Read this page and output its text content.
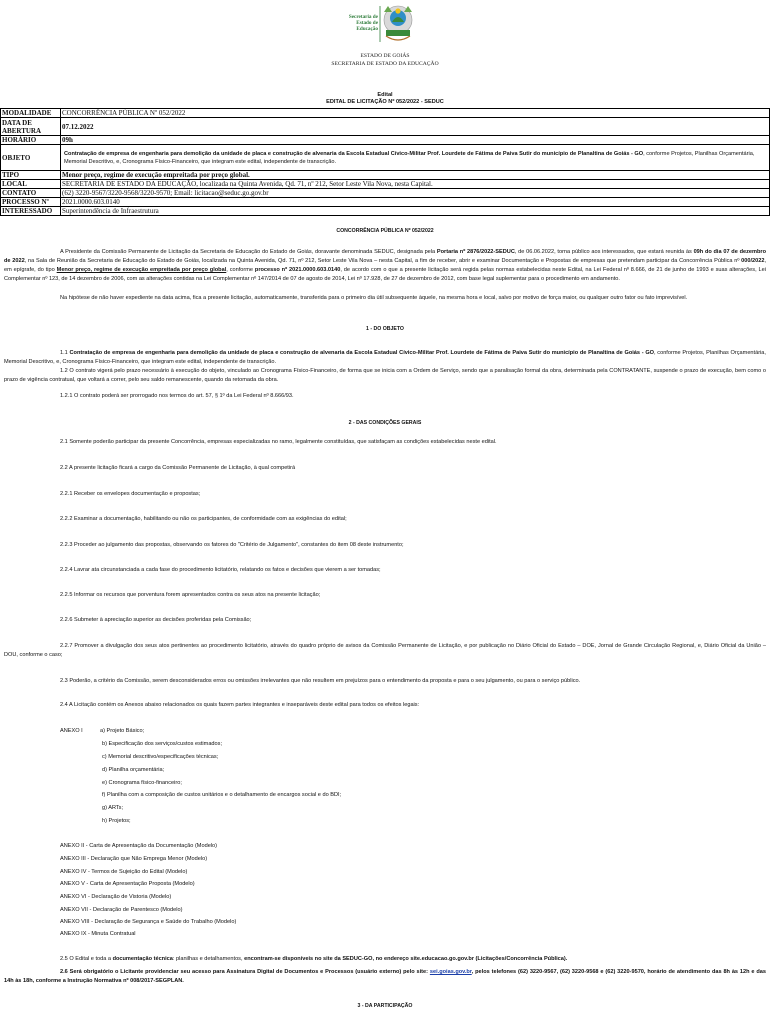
Secretaria de
Estado de
Educação
ESTADO DE GOIÁS
SECRETARIA DE ESTADO DA EDUCAÇÃO
Edital
EDITAL DE LICITAÇÃO Nº 052/2022 - SEDUC
MODALIDADE	CONCORRÊNCIA PÚBLICA Nº 052/2022
DATA DE ABERTURA	07.12.2022
HORÁRIO	09h
OBJETO	Contratação de empresa de engenharia para demolição da unidade de placa e construção de alvenaria da Escola Estadual Cívico-Militar Prof. Lourdete de Fátima de Paiva Sutir do município de Planaltina de Goiás - GO, conforme Projetos, Planilhas Orçamentária, Memorial Descritivo, e, Cronograma Físico-Financeiro, que integram este edital, independente de transcrição.
TIPO	Menor preço, regime de execução empreitada por preço global.
LOCAL	SECRETARIA DE ESTADO DA EDUCAÇÃO, localizada na Quinta Avenida, Qd. 71, nº 212, Setor Leste Vila Nova, nesta Capital.
CONTATO	(62) 3220-9567/3220-9568/3220-9570; Email: licitacao@seduc.go.gov.br
PROCESSO Nº	2021.0000.603.0140
INTERESSADO	Superintendência de Infraestrutura
CONCORRÊNCIA PÚBLICA Nº 052/2022
A Presidente da Comissão Permanente de Licitação da Secretaria de Educação do Estado de Goiás, doravante denominada SEDUC, designada pela Portaria nº 2876/2022-SEDUC, de 06.06.2022, torna público aos interessados, que estará reunida às 09h do dia 07 de dezembro de 2022, na Sala de Reunião da Secretaria de Educação do Estado de Goiás, localizada na Quinta Avenida, Qd. 71, nº 212, Setor Leste Vila Nova – nesta Capital, a fim de receber, abrir e examinar Documentação e Propostas de empresas que pretendam participar da Concorrência Pública nº 000/2022, em epígrafe, do tipo Menor preço, regime de execução empreitada por preço global, conforme processo nº 2021.0000.603.0140, de acordo com o que a presente licitação será regida pelas normas estabelecidas neste Edital, na Lei Federal nº 8.666, de 21 de junho de 1993 e suas alterações, Lei Complementar nº 123, de 14 dezembro de 2006, com as alterações contidas na Lei Complementar nº 147/2014 de 07 de agosto de 2014, Lei nº 17.928, de 27 de dezembro de 2012, com base legal suplementar para o procedimento em andamento.
Na hipótese de não haver expediente na data acima, fica a presente licitação, automaticamente, transferida para o primeiro dia útil subsequente àquele, na mesma hora e local, salvo por motivo de força maior, ou qualquer outro fator ou fato imprevisível.
1 - DO OBJETO
1.1 Contratação de empresa de engenharia para demolição da unidade de placa e construção de alvenaria da Escola Estadual Cívico-Militar Prof. Lourdete de Fátima de Paiva Sutir do município de Planaltina de Goiás - GO, conforme Projetos, Planilhas Orçamentária, Memorial Descritivo, e, Cronograma Físico-Financeiro, que integram este edital, independente de transcrição.
1.2 O contrato vigerá pelo prazo necessário à execução do objeto, vinculado ao Cronograma Físico-Financeiro, de forma que se inicia com a Ordem de Serviço, sendo que a paralisação formal da obra, determinada pela CONTRATANTE, suspende o prazo de execução, bem como o prazo de vigência contratual, que voltará a correr, pelo seu saldo remanescente, quando da retomada da obra.
1.2.1 O contrato poderá ser prorrogado nos termos do art. 57, § 1º da Lei Federal nº 8.666/93.
2 - DAS CONDIÇÕES GERAIS
2.1 Somente poderão participar da presente Concorrência, empresas especializadas no ramo, legalmente constituídas, que satisfaçam as condições estabelecidas neste edital.
2.2 A presente licitação ficará a cargo da Comissão Permanente de Licitação, à qual competirá
2.2.1 Receber os envelopes documentação e propostas;
2.2.2 Examinar a documentação, habilitando ou não os participantes, de conformidade com as exigências do edital;
2.2.3 Proceder ao julgamento das propostas, observando os fatores do "Critério de Julgamento", constantes do item 08 deste instrumento;
2.2.4 Lavrar ata circunstanciada a cada fase do procedimento licitatório, relatando os fatos e decisões que vierem a ser tomadas;
2.2.5 Informar os recursos que porventura forem apresentados contra os seus atos na presente licitação;
2.2.6 Submeter à apreciação superior as decisões proferidas pela Comissão;
2.2.7 Promover a divulgação dos seus atos pertinentes ao procedimento licitatório, através do quadro próprio de avisos da Comissão Permanente de Licitação, e por publicação no Diário Oficial do Estado – DOE, Jornal de Grande Circulação Regional, e, Diário Oficial da União – DOU, conforme o caso;
2.3 Poderão, a critério da Comissão, serem desconsiderados erros ou omissões irrelevantes que não resultem em prejuízos para o entendimento da proposta e para o seu julgamento, ou para o serviço público.
2.4 A Licitação contém os Anexos abaixo relacionados os quais fazem partes integrantes e inseparáveis deste edital para todos os efeitos legais:
ANEXO I	a) Projeto Básico;
b) Especificação dos serviços/custos estimados;
c) Memorial descritivo/especificações técnicas;
d) Planilha orçamentária;
e) Cronograma físico-financeiro;
f) Planilha com a composição de custos unitários e o detalhamento de encargos social e do BDI;
g) ARTs;
h) Projetos;
ANEXO II - Carta de Apresentação da Documentação (Modelo)
ANEXO III - Declaração que Não Emprega Menor (Modelo)
ANEXO IV - Termos de Sujeição do Edital (Modelo)
ANEXO V - Carta de Apresentação Proposta (Modelo)
ANEXO VI - Declaração de Vistoria (Modelo)
ANEXO VII - Declaração de Parentesco (Modelo)
ANEXO VIII - Declaração de Segurança e Saúde do Trabalho (Modelo)
ANEXO IX - Minuta Contratual
2.5 O Edital e toda a documentação técnica: planilhas e detalhamentos, encontram-se disponíveis no site da SEDUC-GO, no endereço site.educacao.go.gov.br (Licitações/Concorrência Pública).
2.6 Será obrigatório o Licitante providenciar seu acesso para Assinatura Digital de Documentos e Processos (usuário externo) pelo site: sei.goias.gov.br, pelos telefones (62) 3220-9567, (62) 3220-9568 e (62) 3220-9570, horário de atendimento das 8h às 12h e das 14h às 18h, conforme a Instrução Normativa nº 008/2017-SEGPLAN.
3 - DA PARTICIPAÇÃO
